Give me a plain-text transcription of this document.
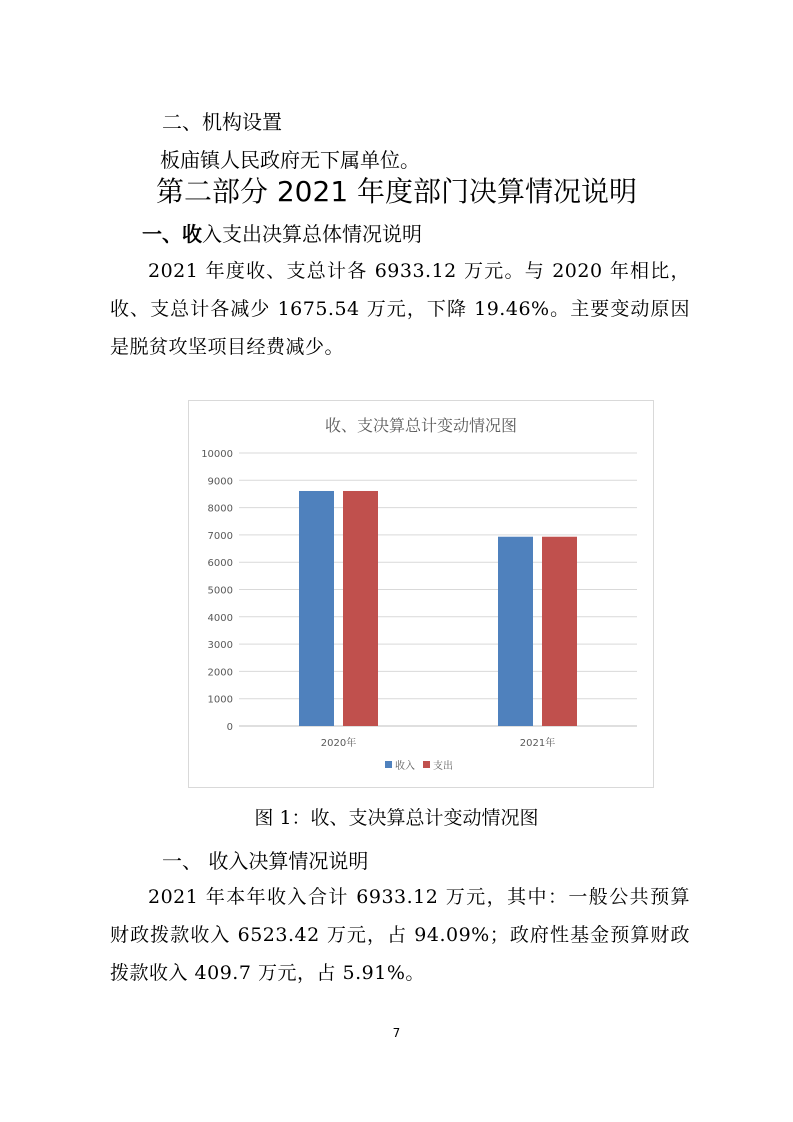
二、机构设置
板庙镇人民政府无下属单位。
第二部分 2021 年度部门决算情况说明
一、收入支出决算总体情况说明
2021 年度收、支总计各 6933.12 万元。与 2020 年相比，收、支总计各减少 1675.54 万元，下降 19.46%。主要变动原因是脱贫攻坚项目经费减少。
收、支决算总计变动情况图
0
1000
2000
3000
4000
5000
6000
7000
8000
9000
10000
2020年	2021年
收入 支出
图 1：收、支决算总计变动情况图
一、 收入决算情况说明
2021 年本年收入合计 6933.12 万元，其中：一般公共预算财政拨款收入 6523.42 万元，占 94.09%；政府性基金预算财政拨款收入 409.7 万元，占 5.91%。
7
